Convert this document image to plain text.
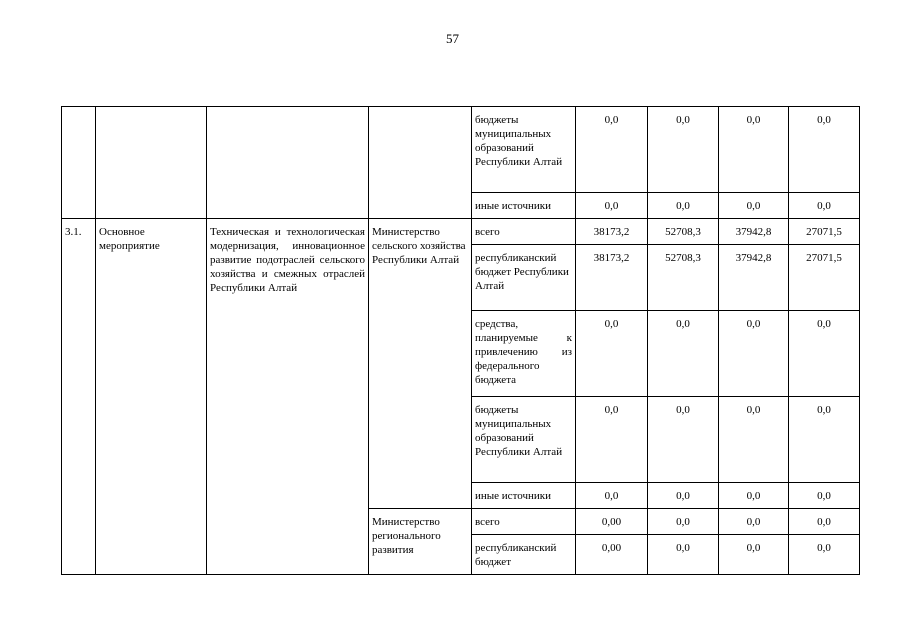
57
				бюджеты муниципальных образований Республики Алтай	0,0	0,0	0,0	0,0
				иные источники	0,0	0,0	0,0	0,0
3.1.	Основное мероприятие	Техническая и технологическая модернизация, инновационное развитие подотраслей сельского хозяйства и смежных отраслей Республики Алтай	Министерство сельского хозяйства Республики Алтай	всего	38173,2	52708,3	37942,8	27071,5
				республиканский бюджет Республики Алтай	38173,2	52708,3	37942,8	27071,5
				средства, планируемые к привлечению из федерального бюджета	0,0	0,0	0,0	0,0
				бюджеты муниципальных образований Республики Алтай	0,0	0,0	0,0	0,0
				иные источники	0,0	0,0	0,0	0,0
			Министерство регионального развития	всего	0,00	0,0	0,0	0,0
				республиканский бюджет	0,00	0,0	0,0	0,0
